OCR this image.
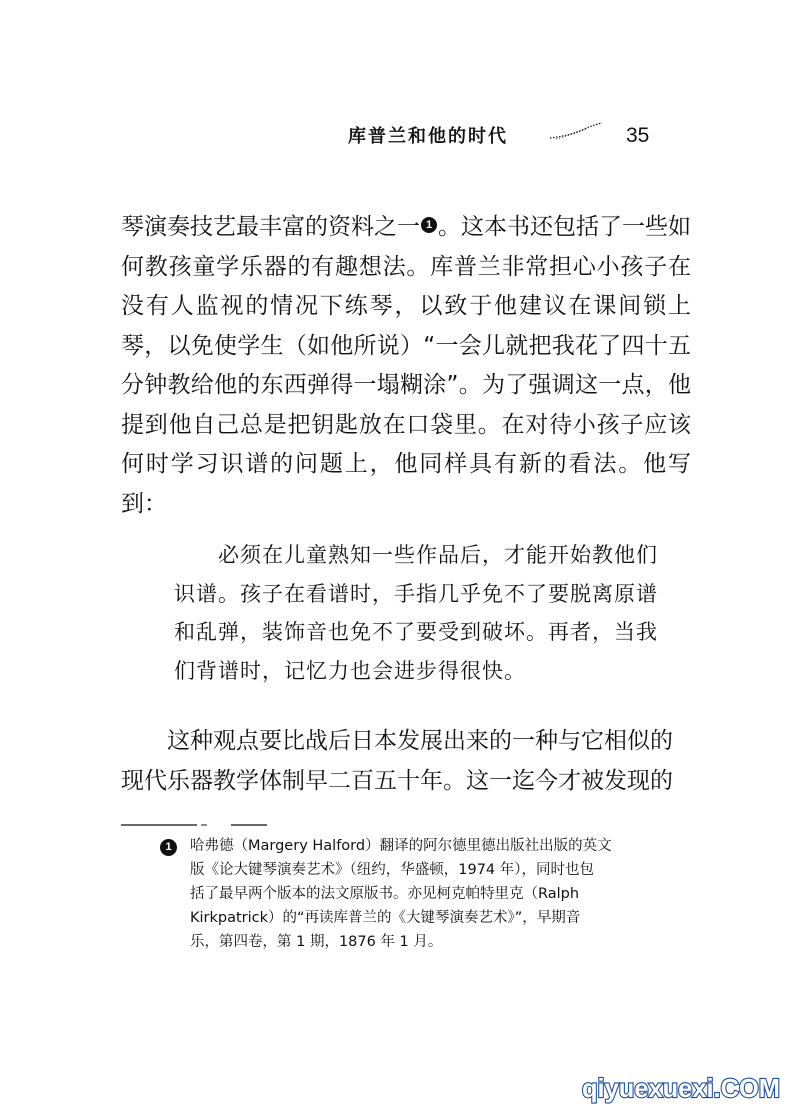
库普兰和他的时代	35
琴演奏技艺最丰富的资料之一 1 。这本书还包括了一些如何教孩童学乐器的有趣想法。库普兰非常担心小孩子在没有人监视的情况下练琴，以致于他建议在课间锁上琴，以免使学生（如他所说）“一会儿就把我花了四十五分钟教给他的东西弹得一塌糊涂”。为了强调这一点，他提到他自己总是把钥匙放在口袋里。在对待小孩子应该何时学习识谱的问题上，他同样具有新的看法。他写到：
必须在儿童熟知一些作品后，才能开始教他们
识谱。孩子在看谱时，手指几乎免不了要脱离原谱
和乱弹，装饰音也免不了要受到破坏。再者，当我
们背谱时，记忆力也会进步得很快。
这种观点要比战后日本发展出来的一种与它相似的
现代乐器教学体制早二百五十年。这一迄今才被发现的
1	哈弗德（Margery Halford）翻译的阿尔德里德出版社出版的英文
版《论大键琴演奏艺术》（纽约，华盛顿，1974 年），同时也包
括了最早两个版本的法文原版书。亦见柯克帕特里克（Ralph
Kirkpatrick）的“再读库普兰的《大键琴演奏艺术》”，早期音
乐，第四卷，第 1 期，1876 年 1 月。
qiyuexuexi.COM
